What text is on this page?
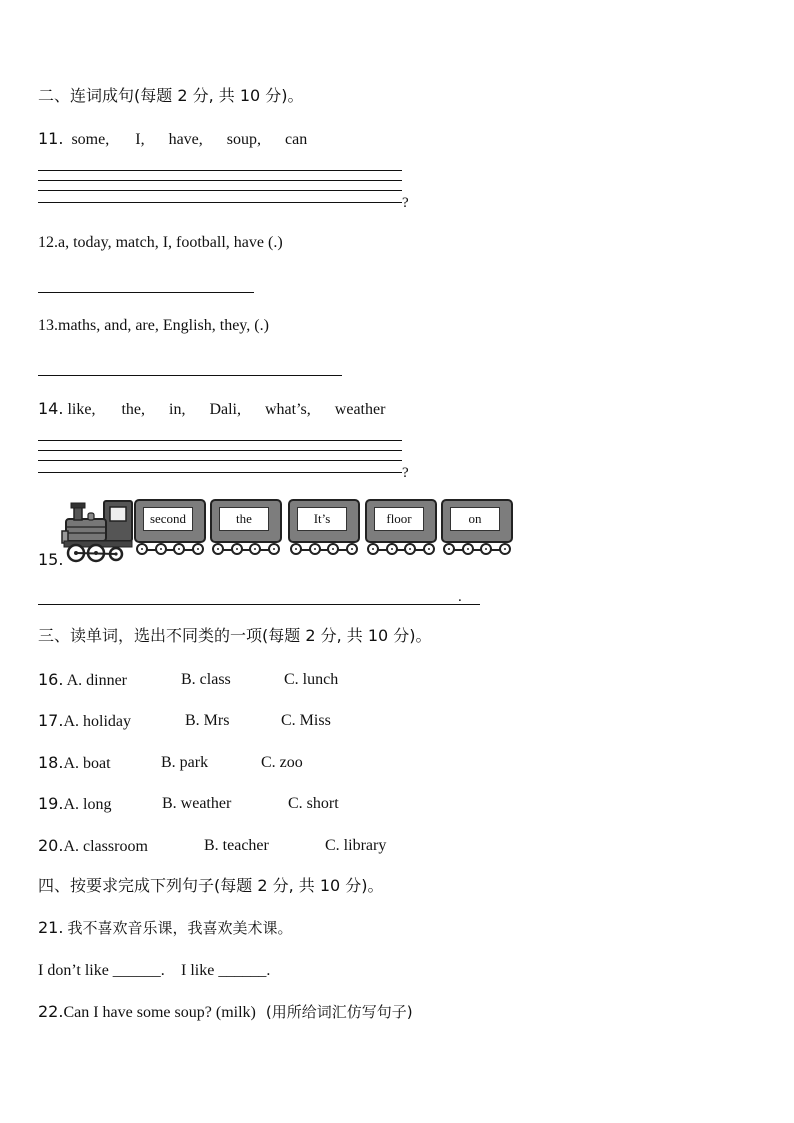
二、连词成句(每题 2 分, 共 10 分)。
11. some, I, have, soup, can
?
12.a, today, match, I, football, have (.)
13.maths, and, are, English, they, (.)
14. like, the, in, Dali, what’s, weather
?
15.
second	the	It’s	floor	on
.
三、读单词，选出不同类的一项(每题 2 分, 共 10 分)。
16. A. dinner	B. class	C. lunch
17.A. holiday	B. Mrs	C. Miss
18.A. boat	B. park	C. zoo
19.A. long	B. weather	C. short
20.A. classroom	B. teacher	C. library
四、按要求完成下列句子(每题 2 分, 共 10 分)。
21. 我不喜欢音乐课，我喜欢美术课。
I don’t like ______. I like ______.
22.Can I have some soup? (milk) (用所给词汇仿写句子)
